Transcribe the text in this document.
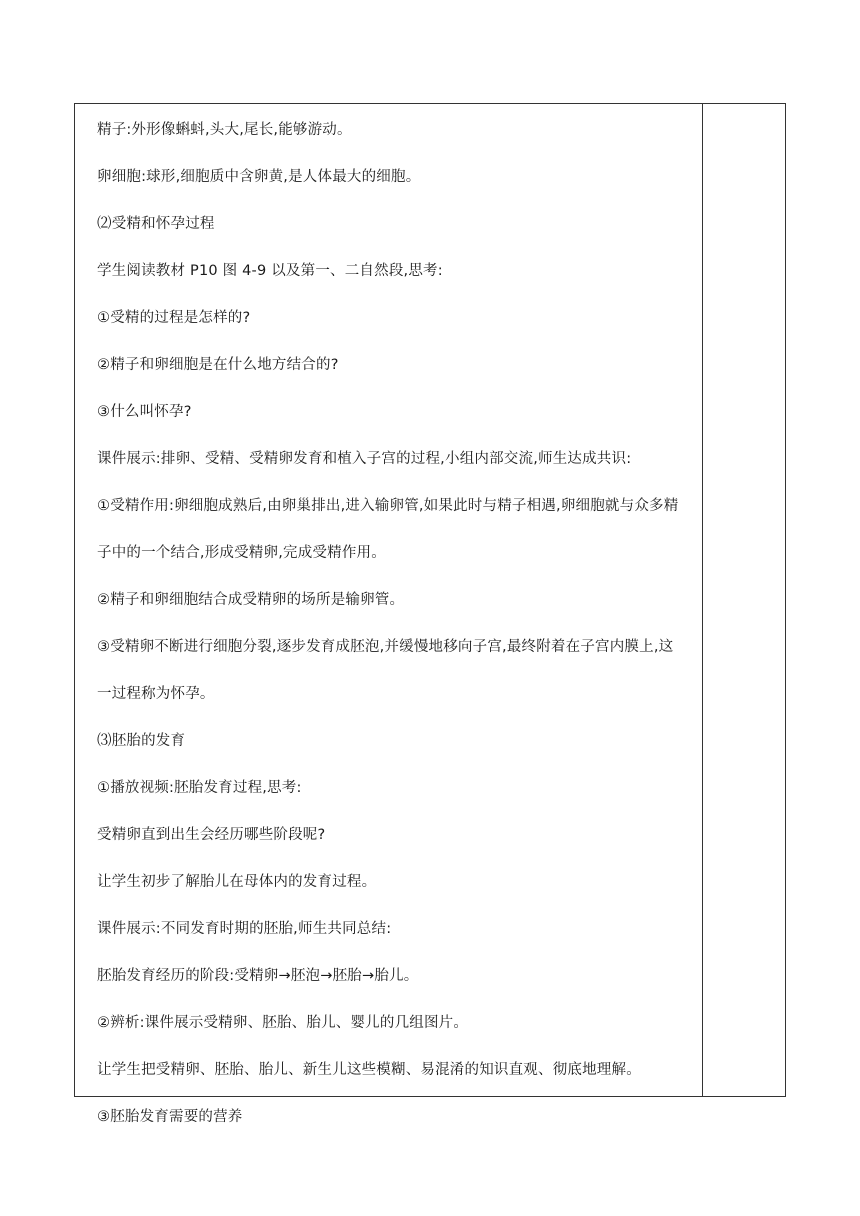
精子:外形像蝌蚪,头大,尾长,能够游动。
卵细胞:球形,细胞质中含卵黄,是人体最大的细胞。
⑵受精和怀孕过程
学生阅读教材 P10 图 4-9 以及第一、二自然段,思考:
①受精的过程是怎样的?
②精子和卵细胞是在什么地方结合的?
③什么叫怀孕?
课件展示:排卵、受精、受精卵发育和植入子宫的过程,小组内部交流,师生达成共识:
①受精作用:卵细胞成熟后,由卵巢排出,进入输卵管,如果此时与精子相遇,卵细胞就与众多精
子中的一个结合,形成受精卵,完成受精作用。
②精子和卵细胞结合成受精卵的场所是输卵管。
③受精卵不断进行细胞分裂,逐步发育成胚泡,并缓慢地移向子宫,最终附着在子宫内膜上,这
一过程称为怀孕。
⑶胚胎的发育
①播放视频:胚胎发育过程,思考:
受精卵直到出生会经历哪些阶段呢?
让学生初步了解胎儿在母体内的发育过程。
课件展示:不同发育时期的胚胎,师生共同总结:
胚胎发育经历的阶段:受精卵→胚泡→胚胎→胎儿。
②辨析:课件展示受精卵、胚胎、胎儿、婴儿的几组图片。
让学生把受精卵、胚胎、胎儿、新生儿这些模糊、易混淆的知识直观、彻底地理解。
③胚胎发育需要的营养
